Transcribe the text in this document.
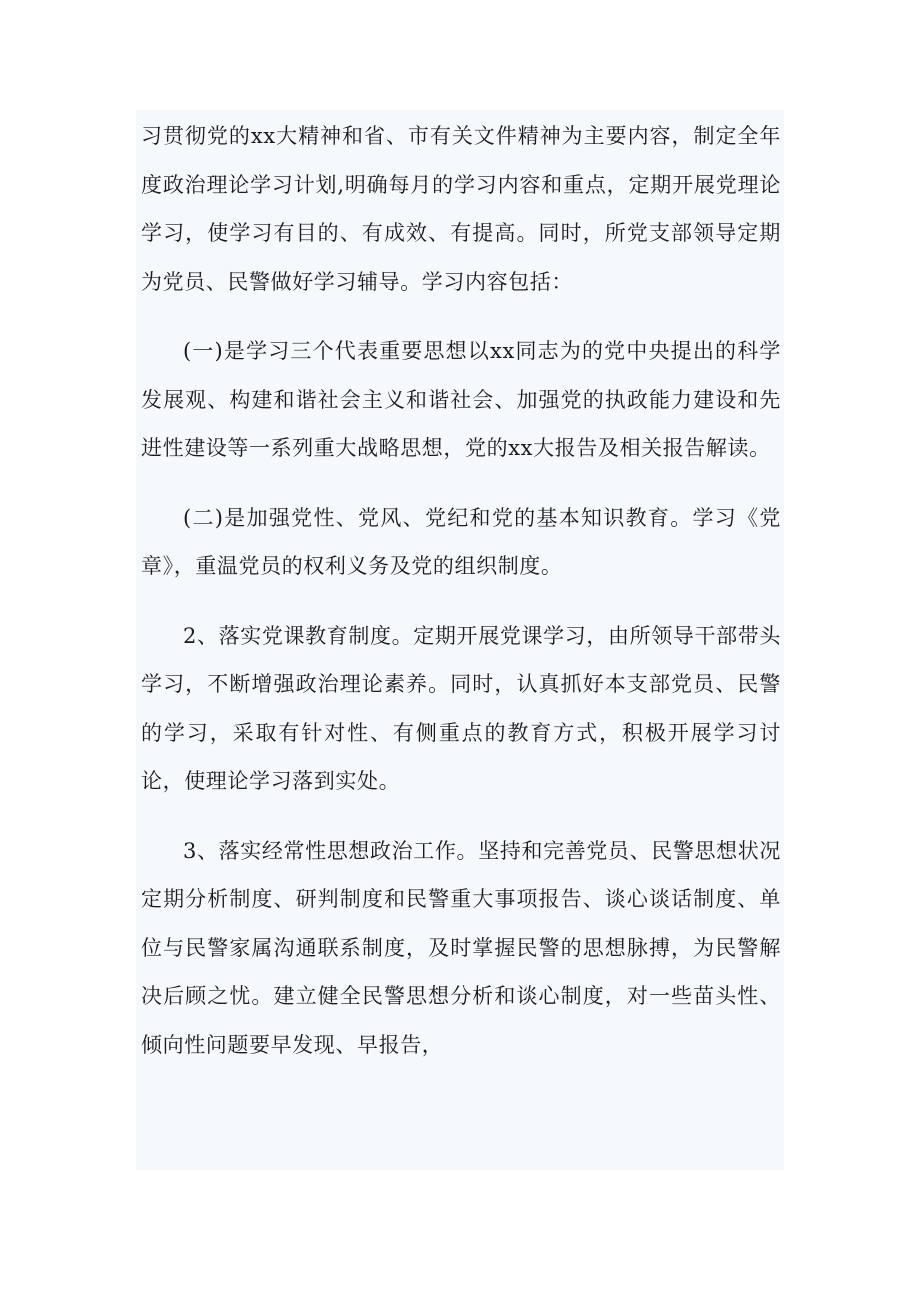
习贯彻党的xx大精神和省、市有关文件精神为主要内容，制定全年度政治理论学习计划,明确每月的学习内容和重点，定期开展党理论学习，使学习有目的、有成效、有提高。同时，所党支部领导定期为党员、民警做好学习辅导。学习内容包括：

(一)是学习三个代表重要思想以xx同志为的党中央提出的科学发展观、构建和谐社会主义和谐社会、加强党的执政能力建设和先进性建设等一系列重大战略思想，党的xx大报告及相关报告解读。

(二)是加强党性、党风、党纪和党的基本知识教育。学习《党章》，重温党员的权利义务及党的组织制度。

2、落实党课教育制度。定期开展党课学习，由所领导干部带头学习，不断增强政治理论素养。同时，认真抓好本支部党员、民警的学习，采取有针对性、有侧重点的教育方式，积极开展学习讨论，使理论学习落到实处。

3、落实经常性思想政治工作。坚持和完善党员、民警思想状况定期分析制度、研判制度和民警重大事项报告、谈心谈话制度、单位与民警家属沟通联系制度，及时掌握民警的思想脉搏，为民警解决后顾之忧。建立健全民警思想分析和谈心制度，对一些苗头性、倾向性问题要早发现、早报告，
